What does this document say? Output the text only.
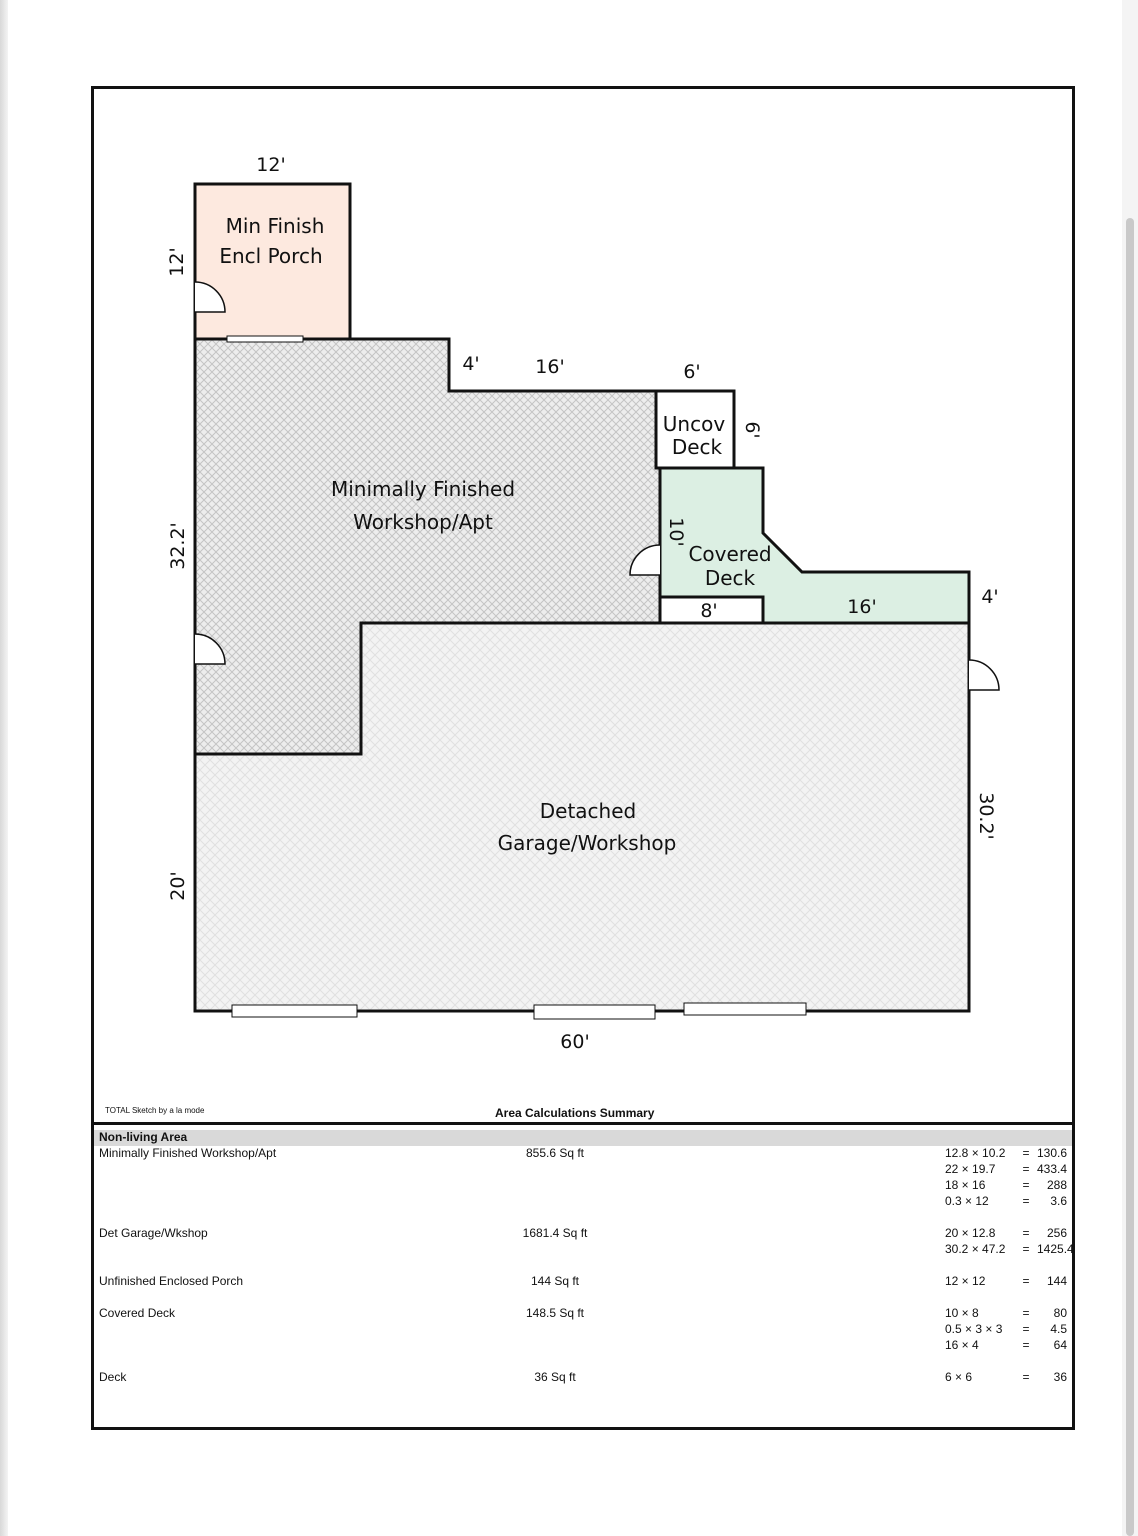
Min Finish
Encl Porch
Minimally Finished
Workshop/Apt
Uncov
Deck
Covered
Deck
Detached
Garage/Workshop
12'
12'
4'	16'	6'
6'
10'
8'	16'	4'
32.2'
20'
30.2'
60'
TOTAL Sketch by a la mode	Area Calculations Summary
Non-living Area
Minimally Finished Workshop/Apt	855.6 Sq ft	12.8 × 10.2 = 130.6
22 × 19.7 = 433.4
18 × 16	= 288
0.3 × 12	= 3.6
Det Garage/Wkshop	1681.4 Sq ft	20 × 12.8 = 256
30.2 × 47.2 = 1425.4
Unfinished Enclosed Porch	144 Sq ft	12 × 12	= 144
Covered Deck	148.5 Sq ft	10 × 8	= 80
0.5 × 3 × 3 = 4.5
16 × 4	= 64
Deck	36 Sq ft	6 × 6	= 36
